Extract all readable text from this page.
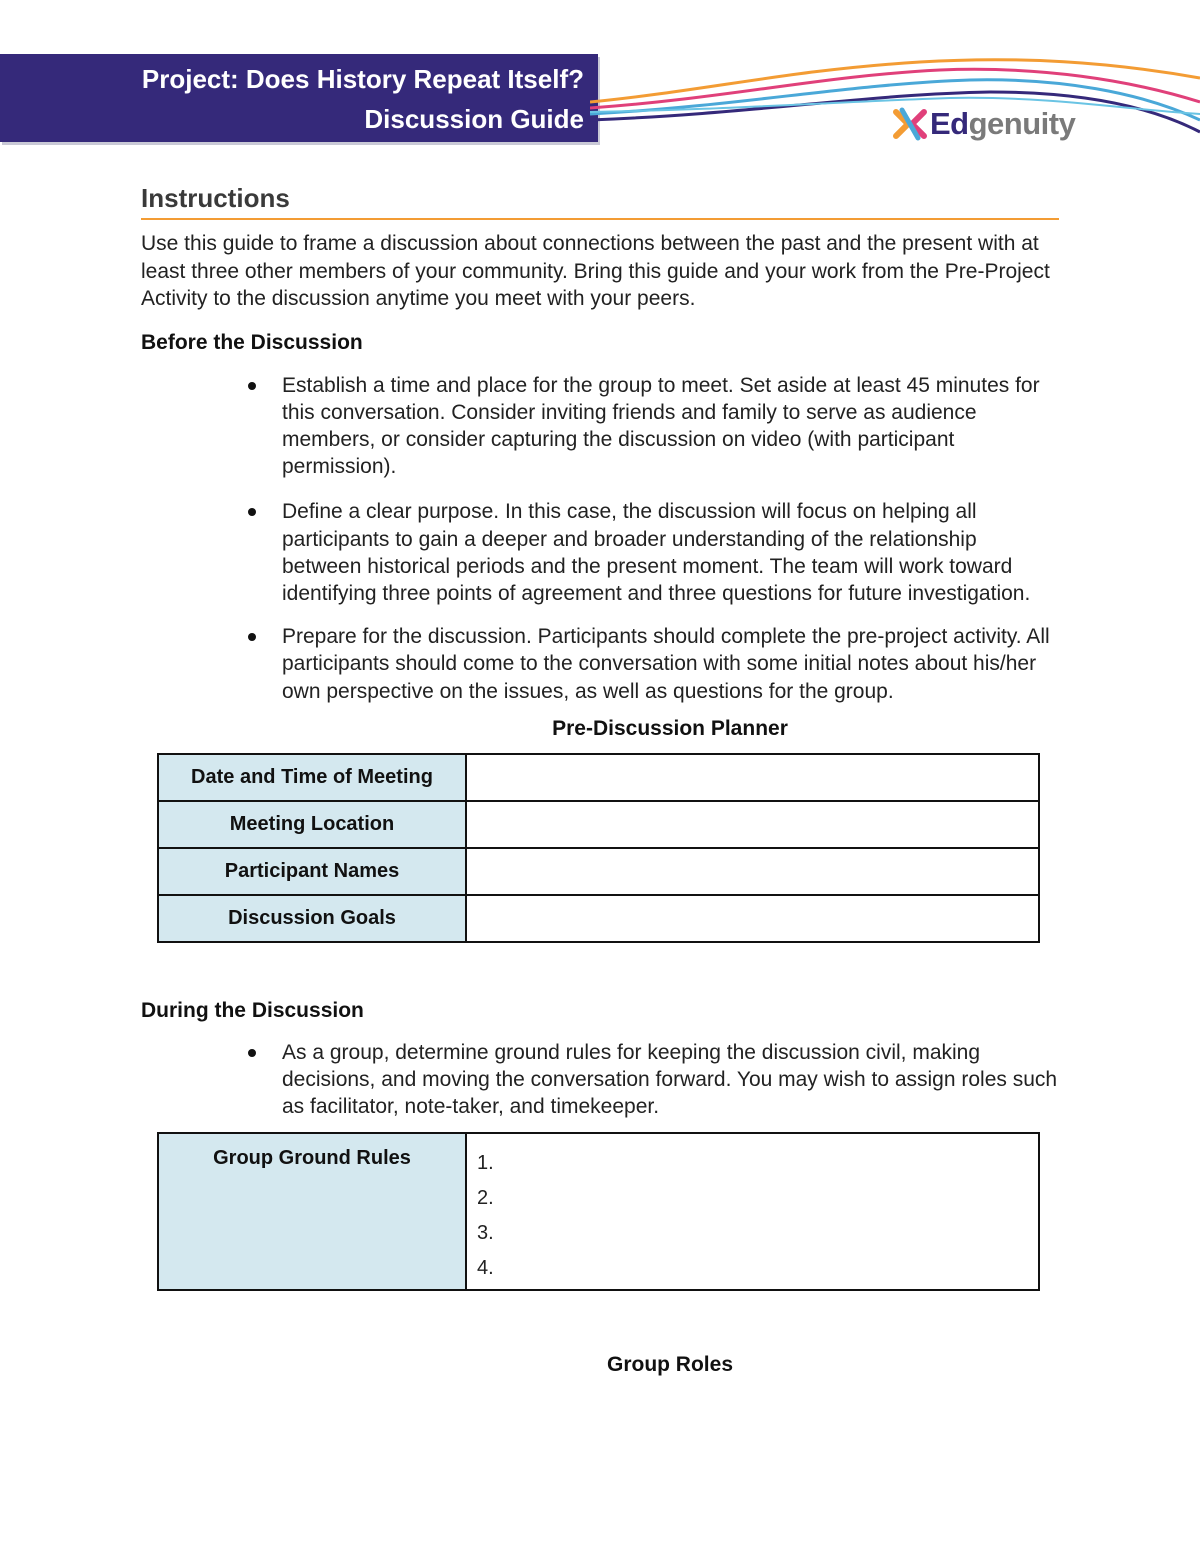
Project: Does History Repeat Itself?
Discussion Guide	Edgenuity
Instructions

Use this guide to frame a discussion about connections between the past and the present with at least three other members of your community. Bring this guide and your work from the Pre-Project Activity to the discussion anytime you meet with your peers.

Before the Discussion
Establish a time and place for the group to meet. Set aside at least 45 minutes for this conversation. Consider inviting friends and family to serve as audience members, or consider capturing the discussion on video (with participant permission).
Define a clear purpose. In this case, the discussion will focus on helping all participants to gain a deeper and broader understanding of the relationship between historical periods and the present moment. The team will work toward identifying three points of agreement and three questions for future investigation.
Prepare for the discussion. Participants should complete the pre-project activity. All participants should come to the conversation with some initial notes about his/her own perspective on the issues, as well as questions for the group.

Pre-Discussion Planner

Date and Time of Meeting	
Meeting Location	
Participant Names	
Discussion Goals	
During the Discussion
As a group, determine ground rules for keeping the discussion civil, making decisions, and moving the conversation forward. You may wish to assign roles such as facilitator, note-taker, and timekeeper.
Group Ground Rules	1.
2.
3.
4.

Group Roles
